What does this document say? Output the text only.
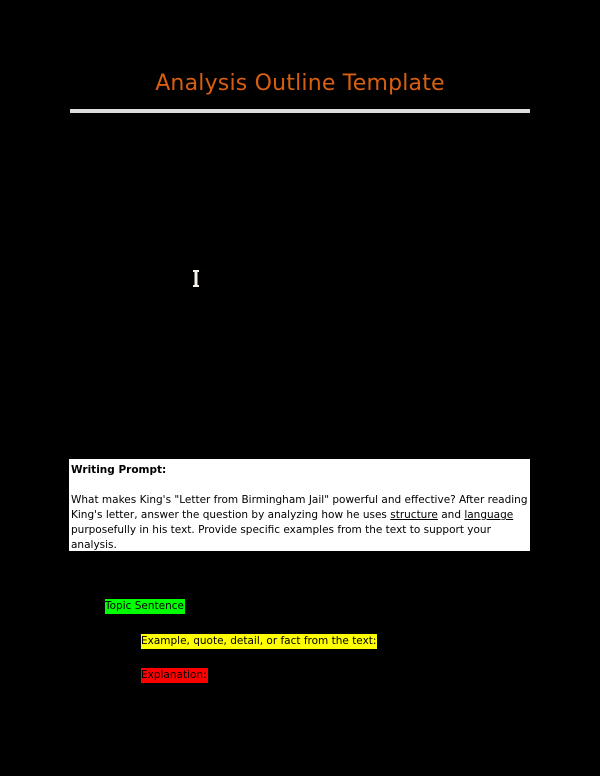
Analysis Outline Template
Writing Prompt:
What makes King's "Letter from Birmingham Jail" powerful and effective? After reading King's letter, answer the question by analyzing how he uses structure and language purposefully in his text. Provide specific examples from the text to support your analysis.
Topic Sentence
Example, quote, detail, or fact from the text:
Explanation:
